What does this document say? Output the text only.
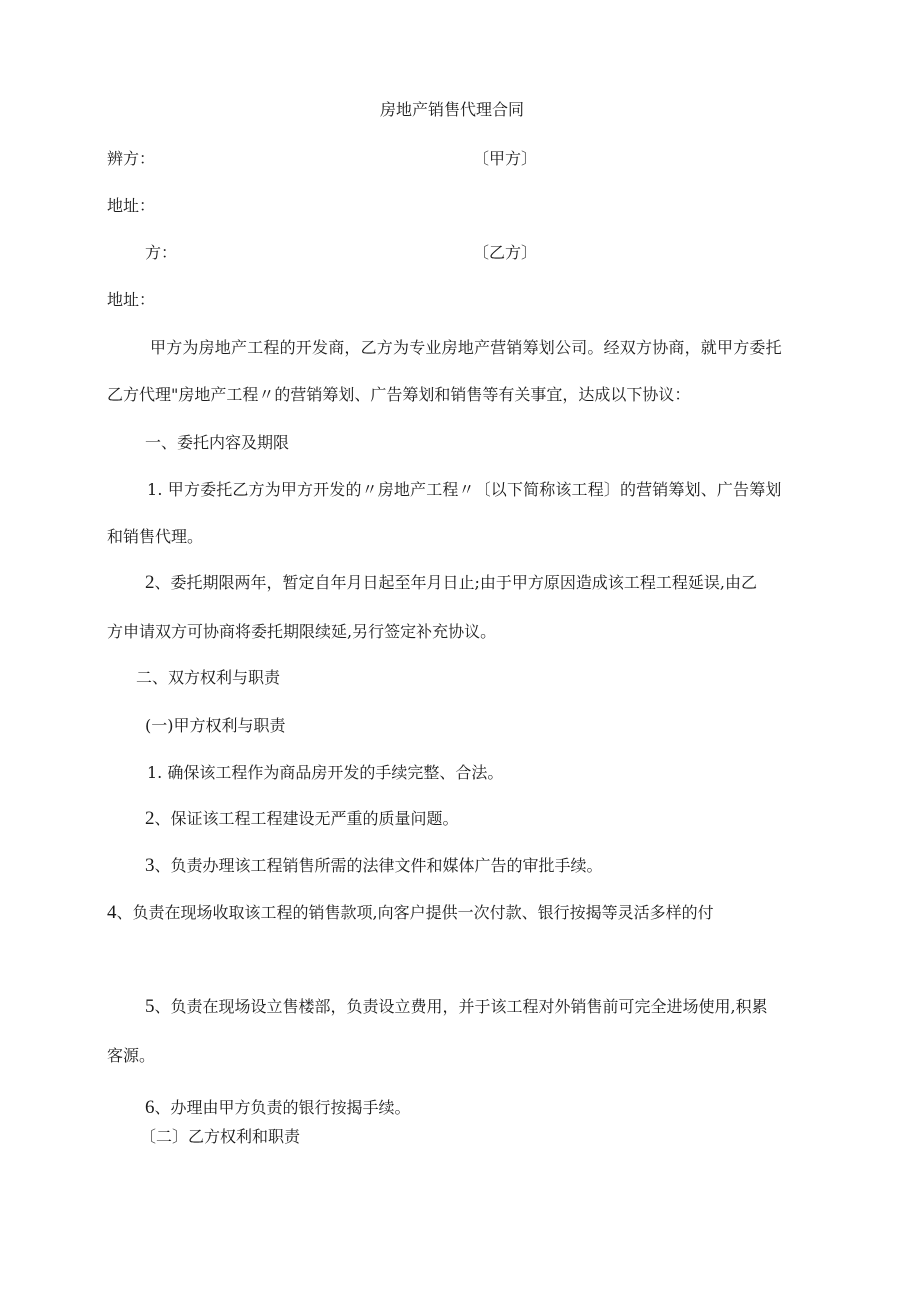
房地产销售代理合同

辨方：	〔甲方〕

地址：

方：	〔乙方〕

地址：

甲方为房地产工程的开发商，乙方为专业房地产营销筹划公司。经双方协商，就甲方委托

乙方代理"房地产工程〃的营销筹划、广告筹划和销售等有关事宜，达成以下协议：

一、委托内容及期限

1. 甲方委托乙方为甲方开发的〃房地产工程〃〔以下简称该工程〕的营销筹划、广告筹划

和销售代理。

2、委托期限两年，暂定自年月日起至年月日止;由于甲方原因造成该工程工程延误,由乙

方申请双方可协商将委托期限续延,另行签定补充协议。

二、双方权利与职责

(一)甲方权利与职责

1. 确保该工程作为商品房开发的手续完整、合法。

2、保证该工程工程建设无严重的质量问题。

3、负责办理该工程销售所需的法律文件和媒体广告的审批手续。

4、负责在现场收取该工程的销售款项,向客户提供一次付款、银行按揭等灵活多样的付

5、负责在现场设立售楼部，负责设立费用，并于该工程对外销售前可完全进场使用,积累

客源。

6、办理由甲方负责的银行按揭手续。

〔二〕乙方权利和职责
